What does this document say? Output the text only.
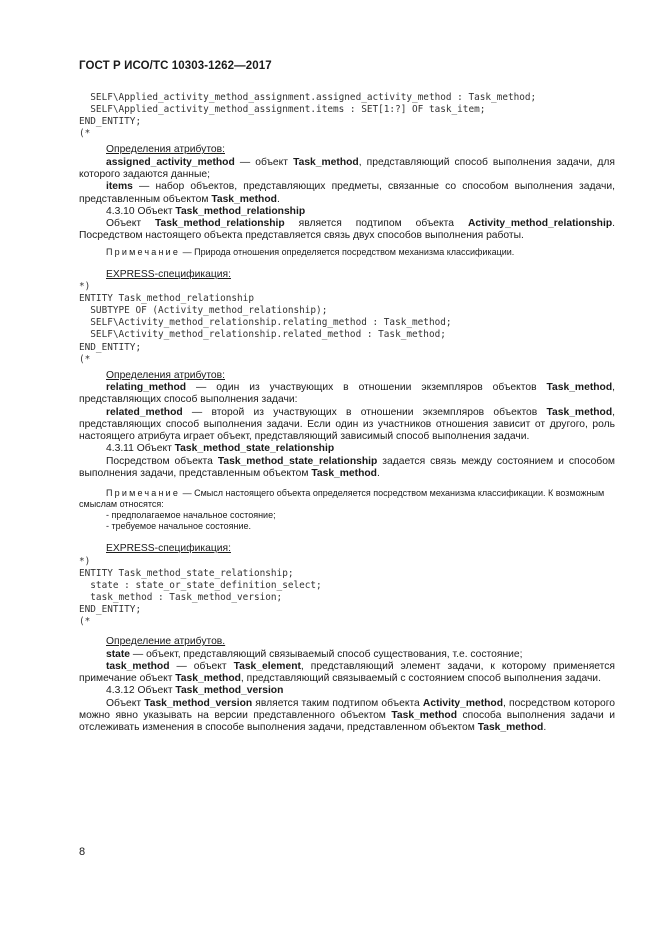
ГОСТ Р ИСО/ТС 10303-1262—2017
SELF\Applied_activity_method_assignment.assigned_activity_method : Task_method;
SELF\Applied_activity_method_assignment.items : SET[1:?] OF task_item;
END_ENTITY;
(*
Определения атрибутов:
assigned_activity_method — объект Task_method, представляющий способ выполнения задачи, для которого задаются данные;
items — набор объектов, представляющих предметы, связанные со способом выполнения задачи, представленным объектом Task_method.
4.3.10 Объект Task_method_relationship
Объект Task_method_relationship является подтипом объекта Activity_method_relationship. Посредством настоящего объекта представляется связь двух способов выполнения работы.
Примечание — Природа отношения определяется посредством механизма классификации.
EXPRESS-спецификация:
*)
ENTITY Task_method_relationship
SUBTYPE OF (Activity_method_relationship);
SELF\Activity_method_relationship.relating_method : Task_method;
SELF\Activity_method_relationship.related_method : Task_method;
END_ENTITY;
(*
Определения атрибутов:
relating_method — один из участвующих в отношении экземпляров объектов Task_method, представляющих способ выполнения задачи:
related_method — второй из участвующих в отношении экземпляров объектов Task_method, представляющих способ выполнения задачи. Если один из участников отношения зависит от другого, роль настоящего атрибута играет объект, представляющий зависимый способ выполнения задачи.
4.3.11 Объект Task_method_state_relationship
Посредством объекта Task_method_state_relationship задается связь между состоянием и способом выполнения задачи, представленным объектом Task_method.
Примечание — Смысл настоящего объекта определяется посредством механизма классификации. К возможным смыслам относятся:
- предполагаемое начальное состояние;
- требуемое начальное состояние.
EXPRESS-спецификация:
*)
ENTITY Task_method_state_relationship;
state : state_or_state_definition_select;
task_method : Task_method_version;
END_ENTITY;
(*
Определение атрибутов.
state — объект, представляющий связываемый способ существования, т.е. состояние;
task_method — объект Task_element, представляющий элемент задачи, к которому применяется примечание объект Task_method, представляющий связываемый с состоянием способ выполнения задачи.
4.3.12 Объект Task_method_version
Объект Task_method_version является таким подтипом объекта Activity_method, посредством которого можно явно указывать на версии представленного объектом Task_method способа выполнения задачи и отслеживать изменения в способе выполнения задачи, представленном объектом Task_method.
8
